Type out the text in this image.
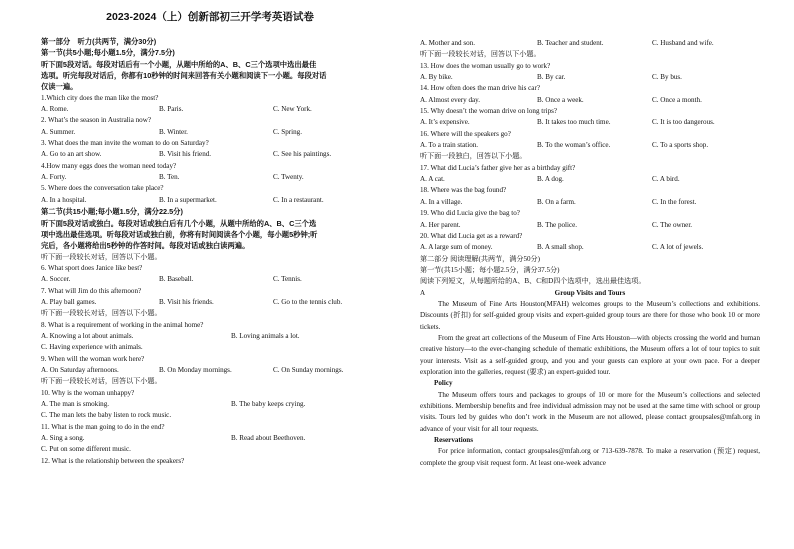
2023-2024（上）创新部初三开学考英语试卷
第一部分　听力(共两节，满分30分)
第一节(共5小题;每小题1.5分，满分7.5分)
听下面5段对话。每段对话后有一个小题，从题中所给的A、B、C三个选项中选出最佳
选项。听完每段对话后，你都有10秒钟的时间来回答有关小题和阅读下一小题。每段对话
仅读一遍。
1.Which city does the man like the most?
A. Rome.	B. Paris.	C. New York.
2. What’s the season in Australia now?
A. Summer.	B. Winter.	C. Spring.
3. What does the man invite the woman to do on Saturday?
A. Go to an art show.	B. Visit his friend.	C. See his paintings.
4.How many eggs does the woman need today?
A. Forty.	B. Ten.	C. Twenty.
5. Where does the conversation take place?
A. In a hospital.	B. In a supermarket.	C. In a restaurant.
第二节(共15小题;每小题1.5分，满分22.5分)
听下面5段对话或独白。每段对话或独白后有几个小题，从题中所给的A、B、C三个选
项中选出最佳选项。听每段对话或独白前，你将有时间阅读各个小题，每小题5秒钟;听
完后，各小题将给出5秒钟的作答时间。每段对话或独白读两遍。
听下面一段较长对话，回答以下小题。
6. What sport does Janice like best?
A. Soccer.	B. Baseball.	C. Tennis.
7. What will Jim do this afternoon?
A. Play ball games.	B. Visit his friends.	C. Go to the tennis club.
听下面一段较长对话，回答以下小题。
8. What is a requirement of working in the animal home?
A. Knowing a lot about animals.	B. Loving animals a lot.
C. Having experience with animals.
9. When will the woman work here?
A. On Saturday afternoons.	B. On Monday mornings.	C. On Sunday mornings.
听下面一段较长对话，回答以下小题。
10. Why is the woman unhappy?
A. The man is smoking.	B. The baby keeps crying.
C. The man lets the baby listen to rock music.
11. What is the man going to do in the end?
A. Sing a song.	B. Read about Beethoven.
C. Put on some different music.
12. What is the relationship between the speakers?
A. Mother and son.	B. Teacher and student.	C. Husband and wife.
听下面一段较长对话，回答以下小题。
13. How does the woman usually go to work?
A. By bike.	B. By car.	C. By bus.
14. How often does the man drive his car?
A. Almost every day.	B. Once a week.	C. Once a month.
15. Why doesn’t the woman drive on long trips?
A. It’s expensive.	B. It takes too much time.	C. It is too dangerous.
16. Where will the speakers go?
A. To a train station.	B. To the woman’s office.	C. To a sports shop.
听下面一段独白，回答以下小题。
17. What did Lucia’s father give her as a birthday gift?
A. A cat.	B. A dog.	C. A bird.
18. Where was the bag found?
A. In a village.	B. On a farm.	C. In the forest.
19. Who did Lucia give the bag to?
A. Her parent.	B. The police.	C. The owner.
20. What did Lucia get as a reward?
A. A large sum of money.	B. A small shop.	C. A lot of jewels.
第二部分 阅读理解(共两节，满分50分)
第一节(共15小题；每小题2.5分，满分37.5分)
阅读下列短文，从每题所给的A、B、C和D四个选项中，选出最佳选项。
A	Group Visits and Tours
The Museum of Fine Arts Houston(MFAH) welcomes groups to the Museum’s collections and exhibitions. Discounts (折扣) for self-guided group visits and expert-guided group tours are there for those who book 10 or more tickets.
From the great art collections of the Museum of Fine Arts Houston—with objects crossing the world and human creative history—to the ever-changing schedule of thematic exhibitions, the Museum offers a lot of tour topics to suit your interests. Visit as a self-guided group, and you and your guests can explore at your own pace. For a deeper exploration into the galleries, request (要求) an expert-guided tour.
Policy
The Museum offers tours and packages to groups of 10 or more for the Museum’s collections and selected exhibitions. Membership benefits and free individual admission may not be used at the same time with school or group visits. Tours led by guides who don’t work in the Museum are not allowed, please contact groupsales@mfah.org in advance of your visit for all tour requests.
Reservations
For price information, contact groupsales@mfah.org or 713-639-7878. To make a reservation (预定) request, complete the group visit request form. At least one-week advance
